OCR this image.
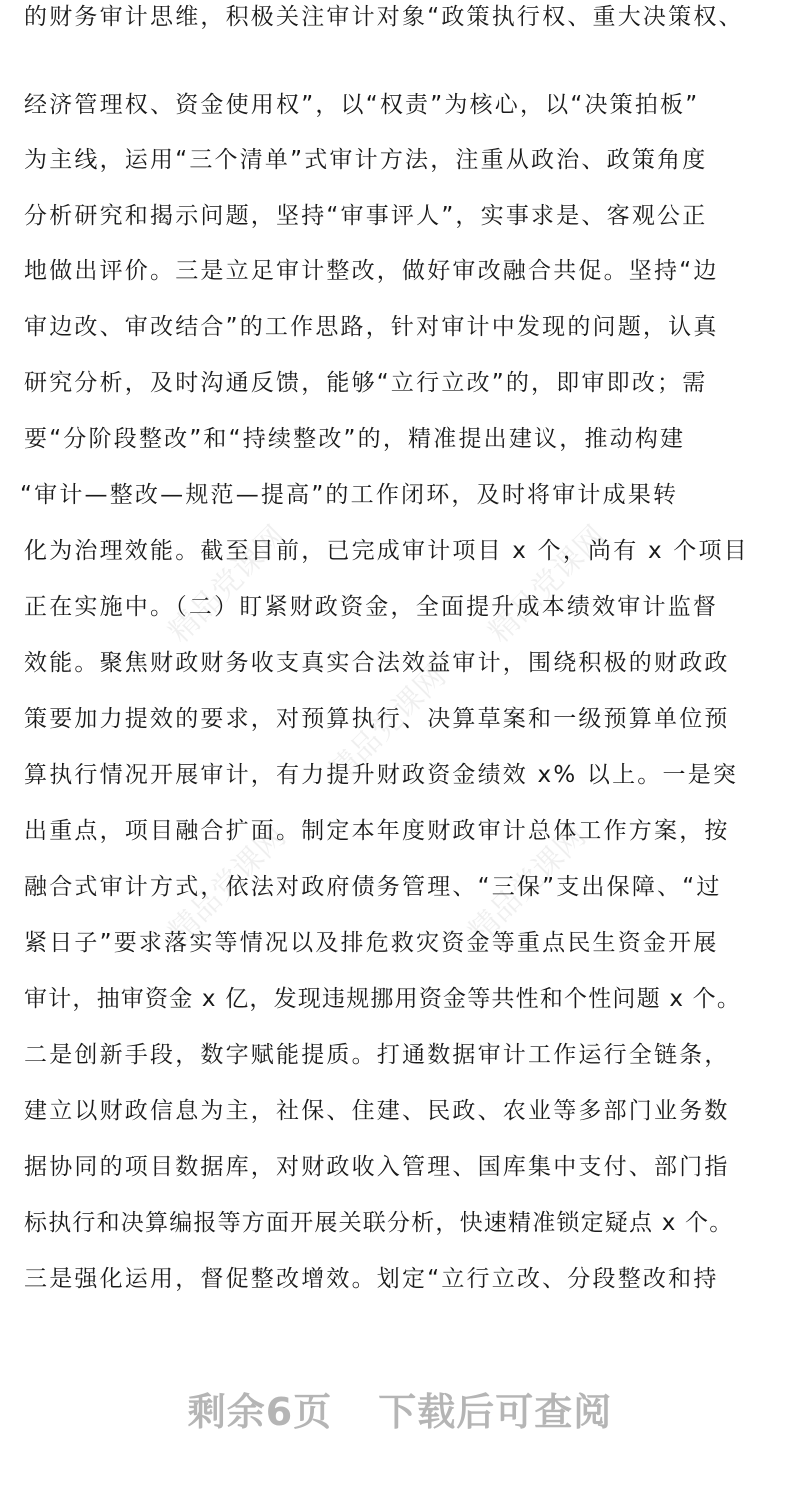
精品党课网	精品党课网
精品党课网
精品党课网	精品党课网
的财务审计思维，积极关注审计对象“政策执行权、重大决策权、
经济管理权、资金使用权”，以“权责”为核心，以“决策拍板”
为主线，运用“三个清单”式审计方法，注重从政治、政策角度
分析研究和揭示问题，坚持“审事评人”，实事求是、客观公正
地做出评价。三是立足审计整改，做好审改融合共促。坚持“边
审边改、审改结合”的工作思路，针对审计中发现的问题，认真
研究分析，及时沟通反馈，能够“立行立改”的，即审即改；需
要“分阶段整改”和“持续整改”的，精准提出建议，推动构建
“审计—整改—规范—提高”的工作闭环，及时将审计成果转
化为治理效能。截至目前，已完成审计项目 x 个，尚有 x 个项目
正在实施中。（二）盯紧财政资金，全面提升成本绩效审计监督
效能。聚焦财政财务收支真实合法效益审计，围绕积极的财政政
策要加力提效的要求，对预算执行、决算草案和一级预算单位预
算执行情况开展审计，有力提升财政资金绩效 x% 以上。一是突
出重点，项目融合扩面。制定本年度财政审计总体工作方案，按
融合式审计方式，依法对政府债务管理、“三保”支出保障、“过
紧日子”要求落实等情况以及排危救灾资金等重点民生资金开展
审计，抽审资金 x 亿，发现违规挪用资金等共性和个性问题 x 个。
二是创新手段，数字赋能提质。打通数据审计工作运行全链条，
建立以财政信息为主，社保、住建、民政、农业等多部门业务数
据协同的项目数据库，对财政收入管理、国库集中支付、部门指
标执行和决算编报等方面开展关联分析，快速精准锁定疑点 x 个。
三是强化运用，督促整改增效。划定“立行立改、分段整改和持
剩余6页 下载后可查阅
